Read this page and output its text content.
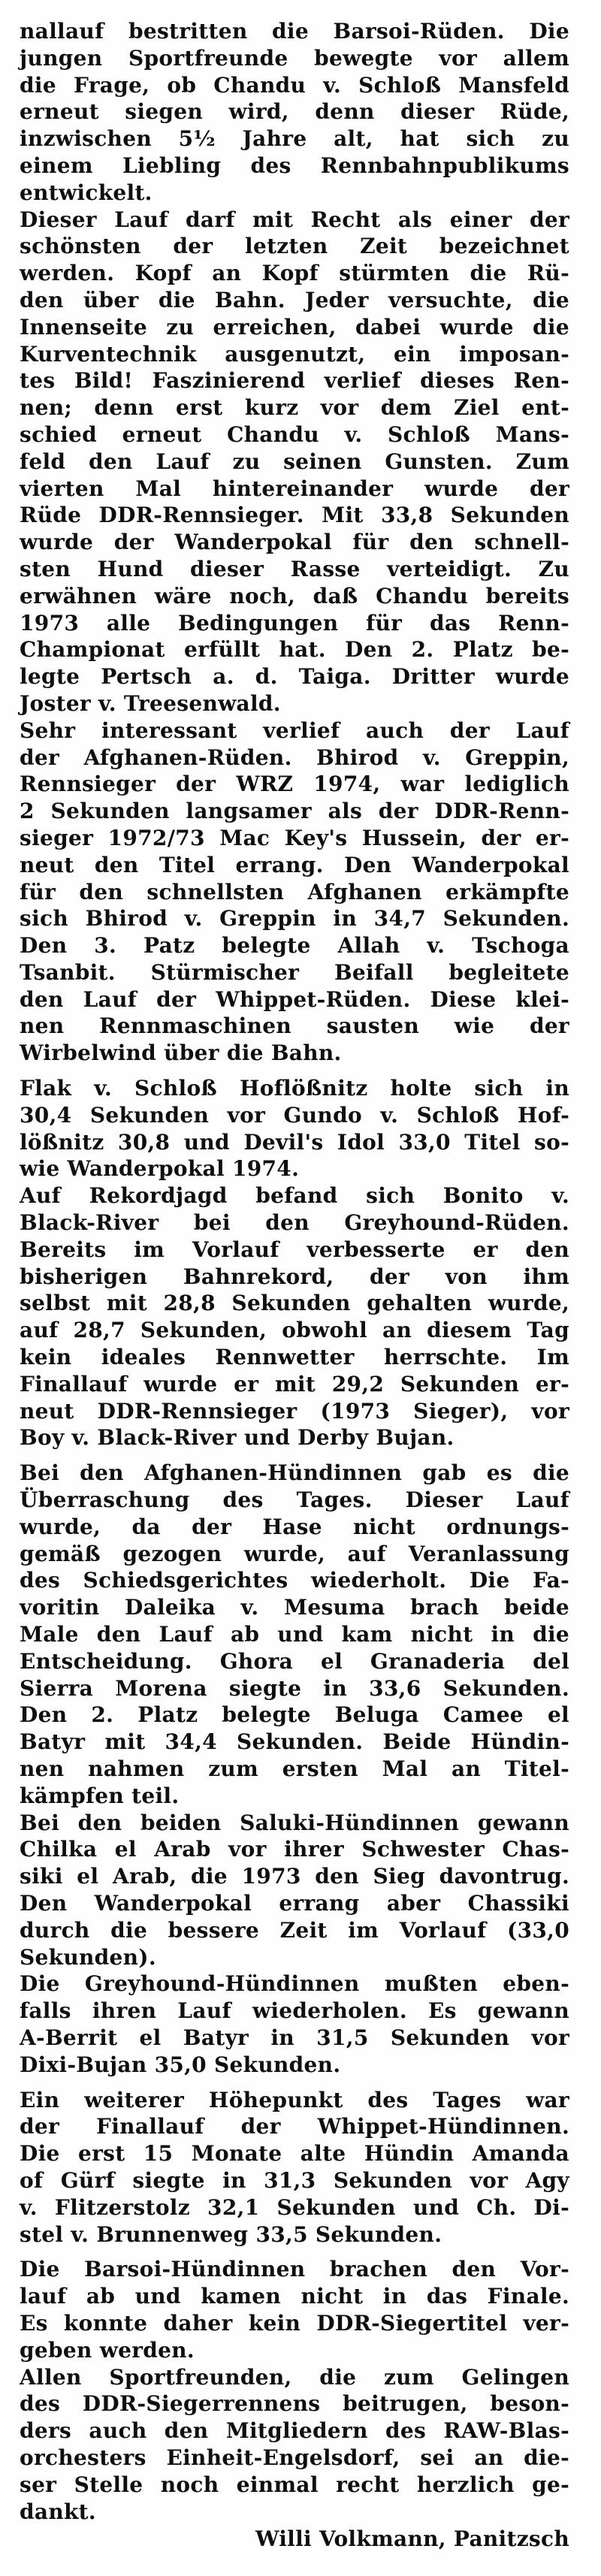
nallauf bestritten die Barsoi-Rüden. Die
jungen Sportfreunde bewegte vor allem
die Frage, ob Chandu v. Schloß Mansfeld
erneut siegen wird, denn dieser Rüde,
inzwischen 5½ Jahre alt, hat sich zu
einem Liebling des Rennbahnpublikums
entwickelt.
Dieser Lauf darf mit Recht als einer der
schönsten der letzten Zeit bezeichnet
werden. Kopf an Kopf stürmten die Rü-
den über die Bahn. Jeder versuchte, die
Innenseite zu erreichen, dabei wurde die
Kurventechnik ausgenutzt, ein imposan-
tes Bild! Faszinierend verlief dieses Ren-
nen; denn erst kurz vor dem Ziel ent-
schied erneut Chandu v. Schloß Mans-
feld den Lauf zu seinen Gunsten. Zum
vierten Mal hintereinander wurde der
Rüde DDR-Rennsieger. Mit 33,8 Sekunden
wurde der Wanderpokal für den schnell-
sten Hund dieser Rasse verteidigt. Zu
erwähnen wäre noch, daß Chandu bereits
1973 alle Bedingungen für das Renn-
Championat erfüllt hat. Den 2. Platz be-
legte Pertsch a. d. Taiga. Dritter wurde
Joster v. Treesenwald.
Sehr interessant verlief auch der Lauf
der Afghanen-Rüden. Bhirod v. Greppin,
Rennsieger der WRZ 1974, war lediglich
2 Sekunden langsamer als der DDR-Renn-
sieger 1972/73 Mac Key's Hussein, der er-
neut den Titel errang. Den Wanderpokal
für den schnellsten Afghanen erkämpfte
sich Bhirod v. Greppin in 34,7 Sekunden.
Den 3. Patz belegte Allah v. Tschoga
Tsanbit. Stürmischer Beifall begleitete
den Lauf der Whippet-Rüden. Diese klei-
nen Rennmaschinen sausten wie der
Wirbelwind über die Bahn.
Flak v. Schloß Hoflößnitz holte sich in
30,4 Sekunden vor Gundo v. Schloß Hof-
lößnitz 30,8 und Devil's Idol 33,0 Titel so-
wie Wanderpokal 1974.
Auf Rekordjagd befand sich Bonito v.
Black-River bei den Greyhound-Rüden.
Bereits im Vorlauf verbesserte er den
bisherigen Bahnrekord, der von ihm
selbst mit 28,8 Sekunden gehalten wurde,
auf 28,7 Sekunden, obwohl an diesem Tag
kein ideales Rennwetter herrschte. Im
Finallauf wurde er mit 29,2 Sekunden er-
neut DDR-Rennsieger (1973 Sieger), vor
Boy v. Black-River und Derby Bujan.
Bei den Afghanen-Hündinnen gab es die
Überraschung des Tages. Dieser Lauf
wurde, da der Hase nicht ordnungs-
gemäß gezogen wurde, auf Veranlassung
des Schiedsgerichtes wiederholt. Die Fa-
voritin Daleika v. Mesuma brach beide
Male den Lauf ab und kam nicht in die
Entscheidung. Ghora el Granaderia del
Sierra Morena siegte in 33,6 Sekunden.
Den 2. Platz belegte Beluga Camee el
Batyr mit 34,4 Sekunden. Beide Hündin-
nen nahmen zum ersten Mal an Titel-
kämpfen teil.
Bei den beiden Saluki-Hündinnen gewann
Chilka el Arab vor ihrer Schwester Chas-
siki el Arab, die 1973 den Sieg davontrug.
Den Wanderpokal errang aber Chassiki
durch die bessere Zeit im Vorlauf (33,0
Sekunden).
Die Greyhound-Hündinnen mußten eben-
falls ihren Lauf wiederholen. Es gewann
A-Berrit el Batyr in 31,5 Sekunden vor
Dixi-Bujan 35,0 Sekunden.
Ein weiterer Höhepunkt des Tages war
der Finallauf der Whippet-Hündinnen.
Die erst 15 Monate alte Hündin Amanda
of Gürf siegte in 31,3 Sekunden vor Agy
v. Flitzerstolz 32,1 Sekunden und Ch. Di-
stel v. Brunnenweg 33,5 Sekunden.
Die Barsoi-Hündinnen brachen den Vor-
lauf ab und kamen nicht in das Finale.
Es konnte daher kein DDR-Siegertitel ver-
geben werden.
Allen Sportfreunden, die zum Gelingen
des DDR-Siegerrennens beitrugen, beson-
ders auch den Mitgliedern des RAW-Blas-
orchesters Einheit-Engelsdorf, sei an die-
ser Stelle noch einmal recht herzlich ge-
dankt.
Willi Volkmann, Panitzsch
